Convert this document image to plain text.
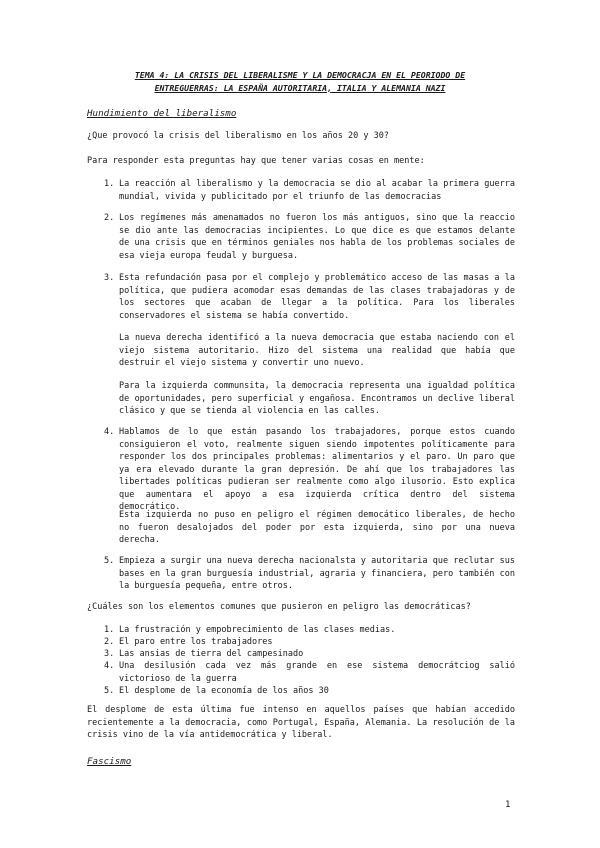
TEMA 4: LA CRISIS DEL LIBERALISME Y LA DEMOCRACJA EN EL PEORIODO DE ENTREGUERRAS: LA ESPAÑA AUTORITARIA, ITALIA Y ALEMANIA NAZI
Hundimiento del liberalismo
¿Que provocó la crisis del liberalismo en los años 20 y 30?
Para responder esta preguntas hay que tener varias cosas en mente:
1. La reacción al liberalismo y la democracia se dio al acabar la primera guerra mundial, vivida y publicitado por el triunfo de las democracias
2. Los regímenes más amenamados no fueron los más antiguos, sino que la reaccio se dio ante las democracias incipientes. Lo que dice es que estamos delante de una crisis que en términos geniales nos habla de los problemas sociales de esa vieja europa feudal y burguesa.
3. Esta refundación pasa por el complejo y problemático acceso de las masas a la política, que pudiera acomodar esas demandas de las clases trabajadoras y de los sectores que acaban de llegar a la política. Para los liberales conservadores el sistema se había convertido.
La nueva derecha identificó a la nueva democracia que estaba naciendo con el viejo sistema autoritario. Hizo del sistema una realidad que había que destruir el viejo sistema y convertir uno nuevo.
Para la izquierda communsita, la democracia representa una igualdad política de oportunidades, pero superficial y engañosa. Encontramos un declive liberal clásico y que se tienda al violencia en las calles.
4. Hablamos de lo que están pasando los trabajadores, porque estos cuando consiguieron el voto, realmente siguen siendo impotentes políticamente para responder los dos principales problemas: alimentarios y el paro. Un paro que ya era elevado durante la gran depresión. De ahí que los trabajadores las libertades políticas pudieran ser realmente como algo ilusorio. Esto explica que aumentara el apoyo a esa izquierda crítica dentro del sistema democrático.
Esta izquierda no puso en peligro el régimen democático liberales, de hecho no fueron desalojados del poder por esta izquierda, sino por una nueva derecha.
5. Empieza a surgir una nueva derecha nacionalsta y autoritaria que reclutar sus bases en la gran burguesía industrial, agraria y financiera, pero también con la burguesía pequeña, entre otros.
¿Cuáles son los elementos comunes que pusieron en peligro las democráticas?
1. La frustración y empobrecimiento de las clases medias.
2. El paro entre los trabajadores
3. Las ansias de tierra del campesinado
4. Una desilusión cada vez más grande en ese sistema democrátciog salió victorioso de la guerra
5. El desplome de la economía de los años 30
El desplome de esta última fue intenso en aquellos países que habían accedido recientemente a la democracia, como Portugal, España, Alemania. La resolución de la crisis vino de la vía antidemocrática y liberal.
Fascismo
1
